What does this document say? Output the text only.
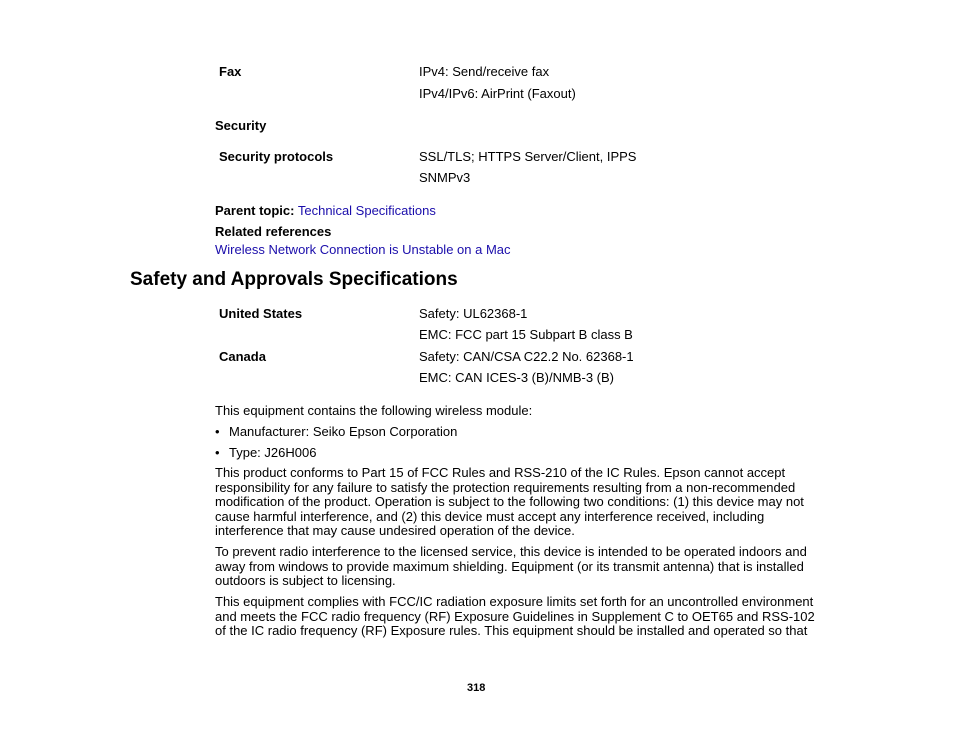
Fax	IPv4: Send/receive fax
IPv4/IPv6: AirPrint (Faxout)
Security
Security protocols	SSL/TLS; HTTPS Server/Client, IPPS
SNMPv3
Parent topic: Technical Specifications
Related references
Wireless Network Connection is Unstable on a Mac
Safety and Approvals Specifications
United States	Safety: UL62368-1
EMC: FCC part 15 Subpart B class B
Canada	Safety: CAN/CSA C22.2 No. 62368-1
EMC: CAN ICES-3 (B)/NMB-3 (B)
This equipment contains the following wireless module:
• Manufacturer: Seiko Epson Corporation
• Type: J26H006
This product conforms to Part 15 of FCC Rules and RSS-210 of the IC Rules. Epson cannot accept
responsibility for any failure to satisfy the protection requirements resulting from a non-recommended
modification of the product. Operation is subject to the following two conditions: (1) this device may not
cause harmful interference, and (2) this device must accept any interference received, including
interference that may cause undesired operation of the device.
To prevent radio interference to the licensed service, this device is intended to be operated indoors and
away from windows to provide maximum shielding. Equipment (or its transmit antenna) that is installed
outdoors is subject to licensing.
This equipment complies with FCC/IC radiation exposure limits set forth for an uncontrolled environment
and meets the FCC radio frequency (RF) Exposure Guidelines in Supplement C to OET65 and RSS-102
of the IC radio frequency (RF) Exposure rules. This equipment should be installed and operated so that
318
